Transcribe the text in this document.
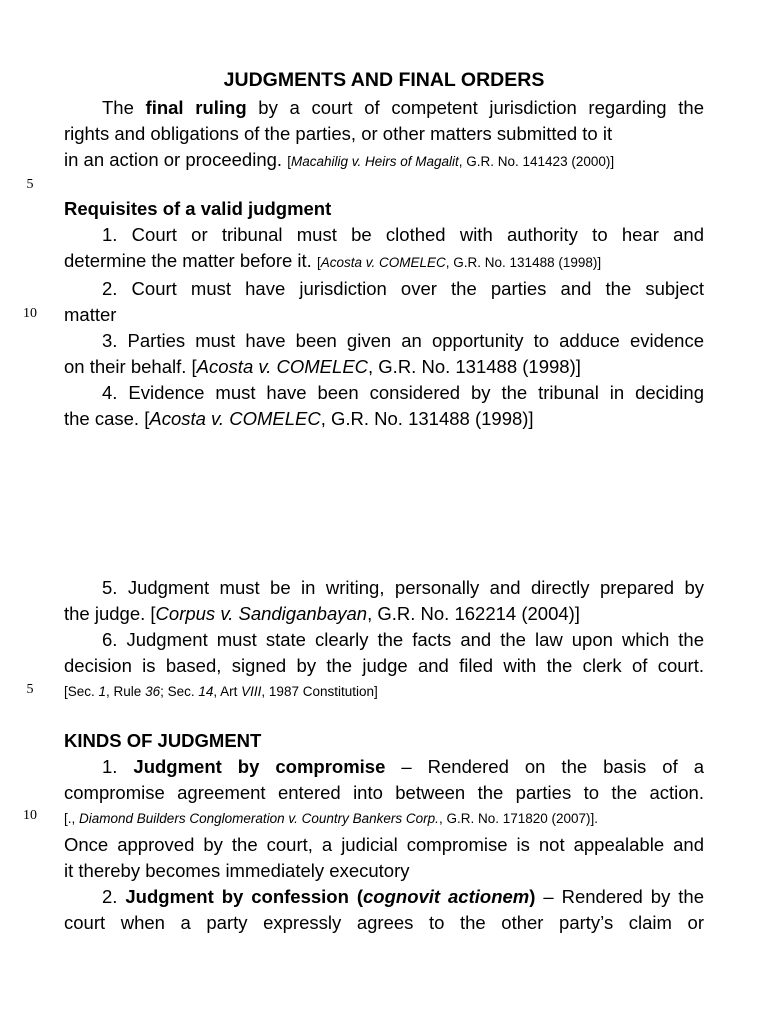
5
10
5
10
JUDGMENTS AND FINAL ORDERS

The final ruling by a court of competent jurisdiction regarding the

rights and obligations of the parties, or other matters submitted to it

in an action or proceeding. [Macahilig v. Heirs of Magalit, G.R. No. 141423 (2000)]

Requisites of a valid judgment

1. Court or tribunal must be clothed with authority to hear and

determine the matter before it. [Acosta v. COMELEC, G.R. No. 131488 (1998)]

2. Court must have jurisdiction over the parties and the subject

matter

3. Parties must have been given an opportunity to adduce evidence

on their behalf. [Acosta v. COMELEC, G.R. No. 131488 (1998)]

4. Evidence must have been considered by the tribunal in deciding

the case. [Acosta v. COMELEC, G.R. No. 131488 (1998)]

5. Judgment must be in writing, personally and directly prepared by

the judge. [Corpus v. Sandiganbayan, G.R. No. 162214 (2004)]

6. Judgment must state clearly the facts and the law upon which the

decision is based, signed by the judge and filed with the clerk of court.

[Sec. 1, Rule 36; Sec. 14, Art VIII, 1987 Constitution]

KINDS OF JUDGMENT

1. Judgment by compromise – Rendered on the basis of a

compromise agreement entered into between the parties to the action.

[., Diamond Builders Conglomeration v. Country Bankers Corp., G.R. No. 171820 (2007)].

Once approved by the court, a judicial compromise is not appealable and

it thereby becomes immediately executory

2. Judgment by confession (cognovit actionem) – Rendered by the

court when a party expressly agrees to the other party’s claim or
